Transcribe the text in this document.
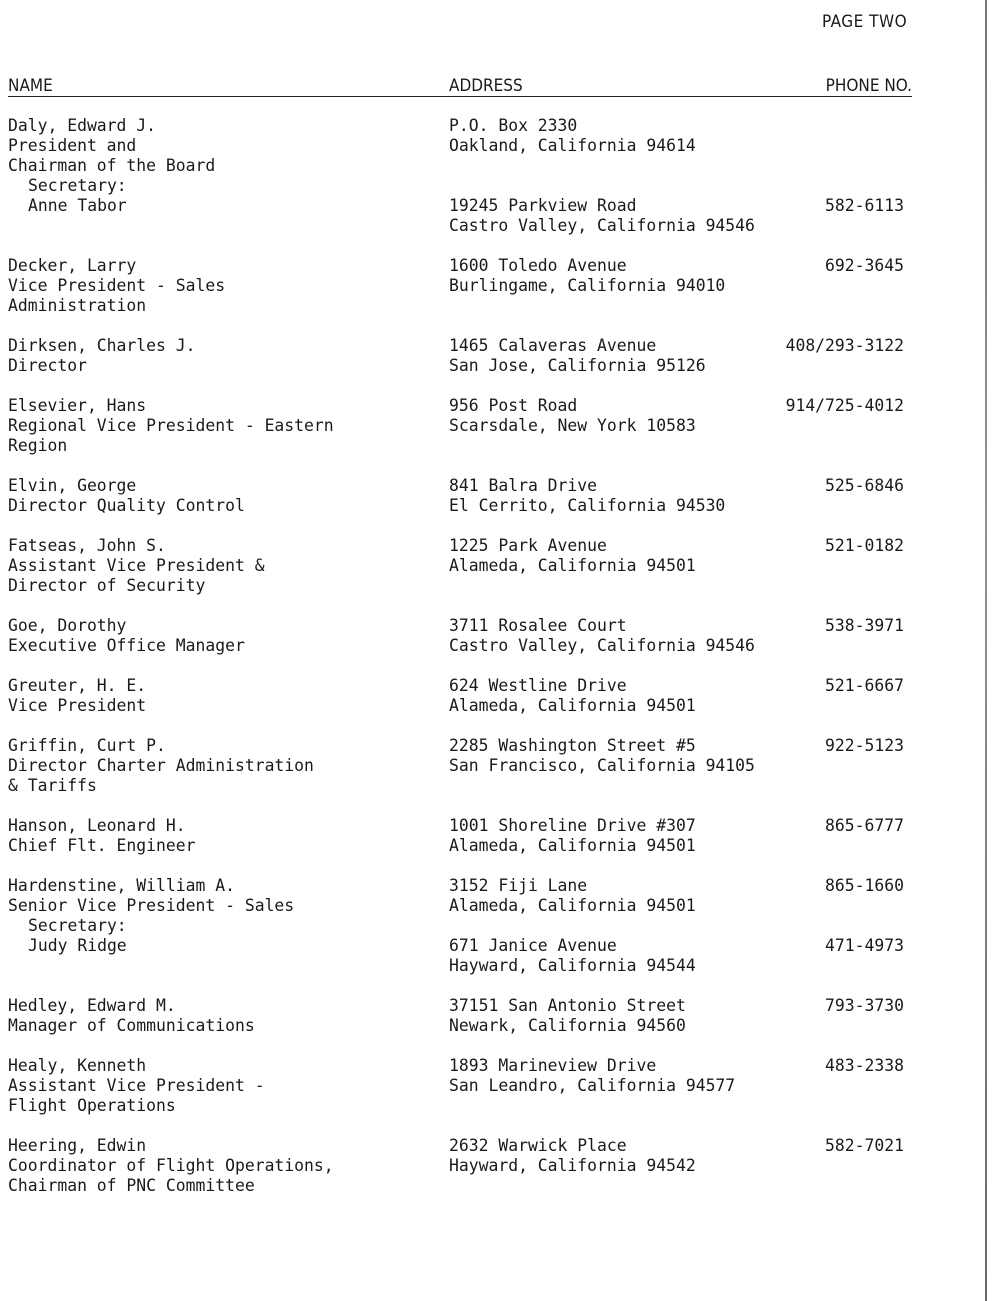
PAGE TWO
NAME	ADDRESS	PHONE NO.
Daly, Edward J.	P.O. Box 2330
President and	Oakland, California 94614
Chairman of the Board
Secretary:
Anne Tabor	19245 Parkview Road	582-6113
Castro Valley, California 94546
Decker, Larry	1600 Toledo Avenue	692-3645
Vice President - Sales	Burlingame, California 94010
Administration
Dirksen, Charles J.	1465 Calaveras Avenue	408/293-3122
Director	San Jose, California 95126
Elsevier, Hans	956 Post Road	914/725-4012
Regional Vice President - Eastern	Scarsdale, New York 10583
Region
Elvin, George	841 Balra Drive	525-6846
Director Quality Control	El Cerrito, California 94530
Fatseas, John S.	1225 Park Avenue	521-0182
Assistant Vice President &	Alameda, California 94501
Director of Security
Goe, Dorothy	3711 Rosalee Court	538-3971
Executive Office Manager	Castro Valley, California 94546
Greuter, H. E.	624 Westline Drive	521-6667
Vice President	Alameda, California 94501
Griffin, Curt P.	2285 Washington Street #5	922-5123
Director Charter Administration	San Francisco, California 94105
& Tariffs
Hanson, Leonard H.	1001 Shoreline Drive #307	865-6777
Chief Flt. Engineer	Alameda, California 94501
Hardenstine, William A.	3152 Fiji Lane	865-1660
Senior Vice President - Sales	Alameda, California 94501
Secretary:
Judy Ridge	671 Janice Avenue	471-4973
Hayward, California 94544
Hedley, Edward M.	37151 San Antonio Street	793-3730
Manager of Communications	Newark, California 94560
Healy, Kenneth	1893 Marineview Drive	483-2338
Assistant Vice President -	San Leandro, California 94577
Flight Operations
Heering, Edwin	2632 Warwick Place	582-7021
Coordinator of Flight Operations,	Hayward, California 94542
Chairman of PNC Committee
